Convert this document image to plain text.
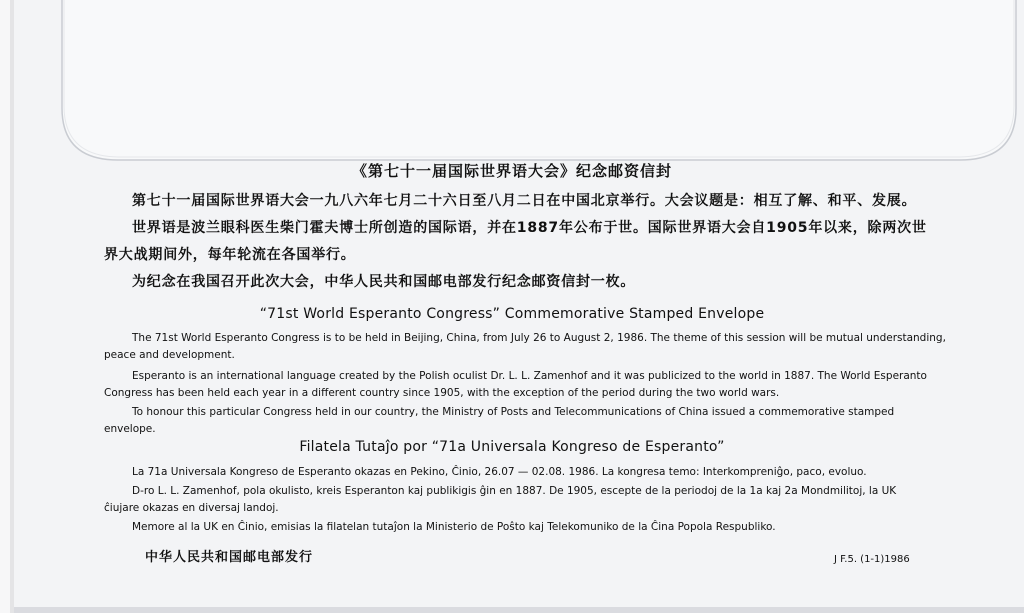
《第七十一届国际世界语大会》纪念邮资信封
第七十一届国际世界语大会一九八六年七月二十六日至八月二日在中国北京举行。大会议题是：相互了解、和平、发展。
世界语是波兰眼科医生柴门霍夫博士所创造的国际语，并在1887年公布于世。国际世界语大会自1905年以来，除两次世
界大战期间外，每年轮流在各国举行。
为纪念在我国召开此次大会，中华人民共和国邮电部发行纪念邮资信封一枚。
“71st World Esperanto Congress” Commemorative Stamped Envelope
The 71st World Esperanto Congress is to be held in Beijing, China, from July 26 to August 2, 1986. The theme of this session will be mutual understanding,
peace and development.
Esperanto is an international language created by the Polish oculist Dr. L. L. Zamenhof and it was publicized to the world in 1887. The World Esperanto
Congress has been held each year in a different country since 1905, with the exception of the period during the two world wars.
To honour this particular Congress held in our country, the Ministry of Posts and Telecommunications of China issued a commemorative stamped
envelope.
Filatela Tutaĵo por “71a Universala Kongreso de Esperanto”
La 71a Universala Kongreso de Esperanto okazas en Pekino, Ĉinio, 26.07 — 02.08. 1986. La kongresa temo: Interkompreniĝo, paco, evoluo.
D-ro L. L. Zamenhof, pola okulisto, kreis Esperanton kaj publikigis ĝin en 1887. De 1905, escepte de la periodoj de la 1a kaj 2a Mondmilitoj, la UK
ĉiujare okazas en diversaj landoj.
Memore al la UK en Ĉinio, emisias la filatelan tutaĵon la Ministerio de Poŝto kaj Telekomuniko de la Ĉina Popola Respubliko.
中华人民共和国邮电部发行	J F.5. (1-1)1986
